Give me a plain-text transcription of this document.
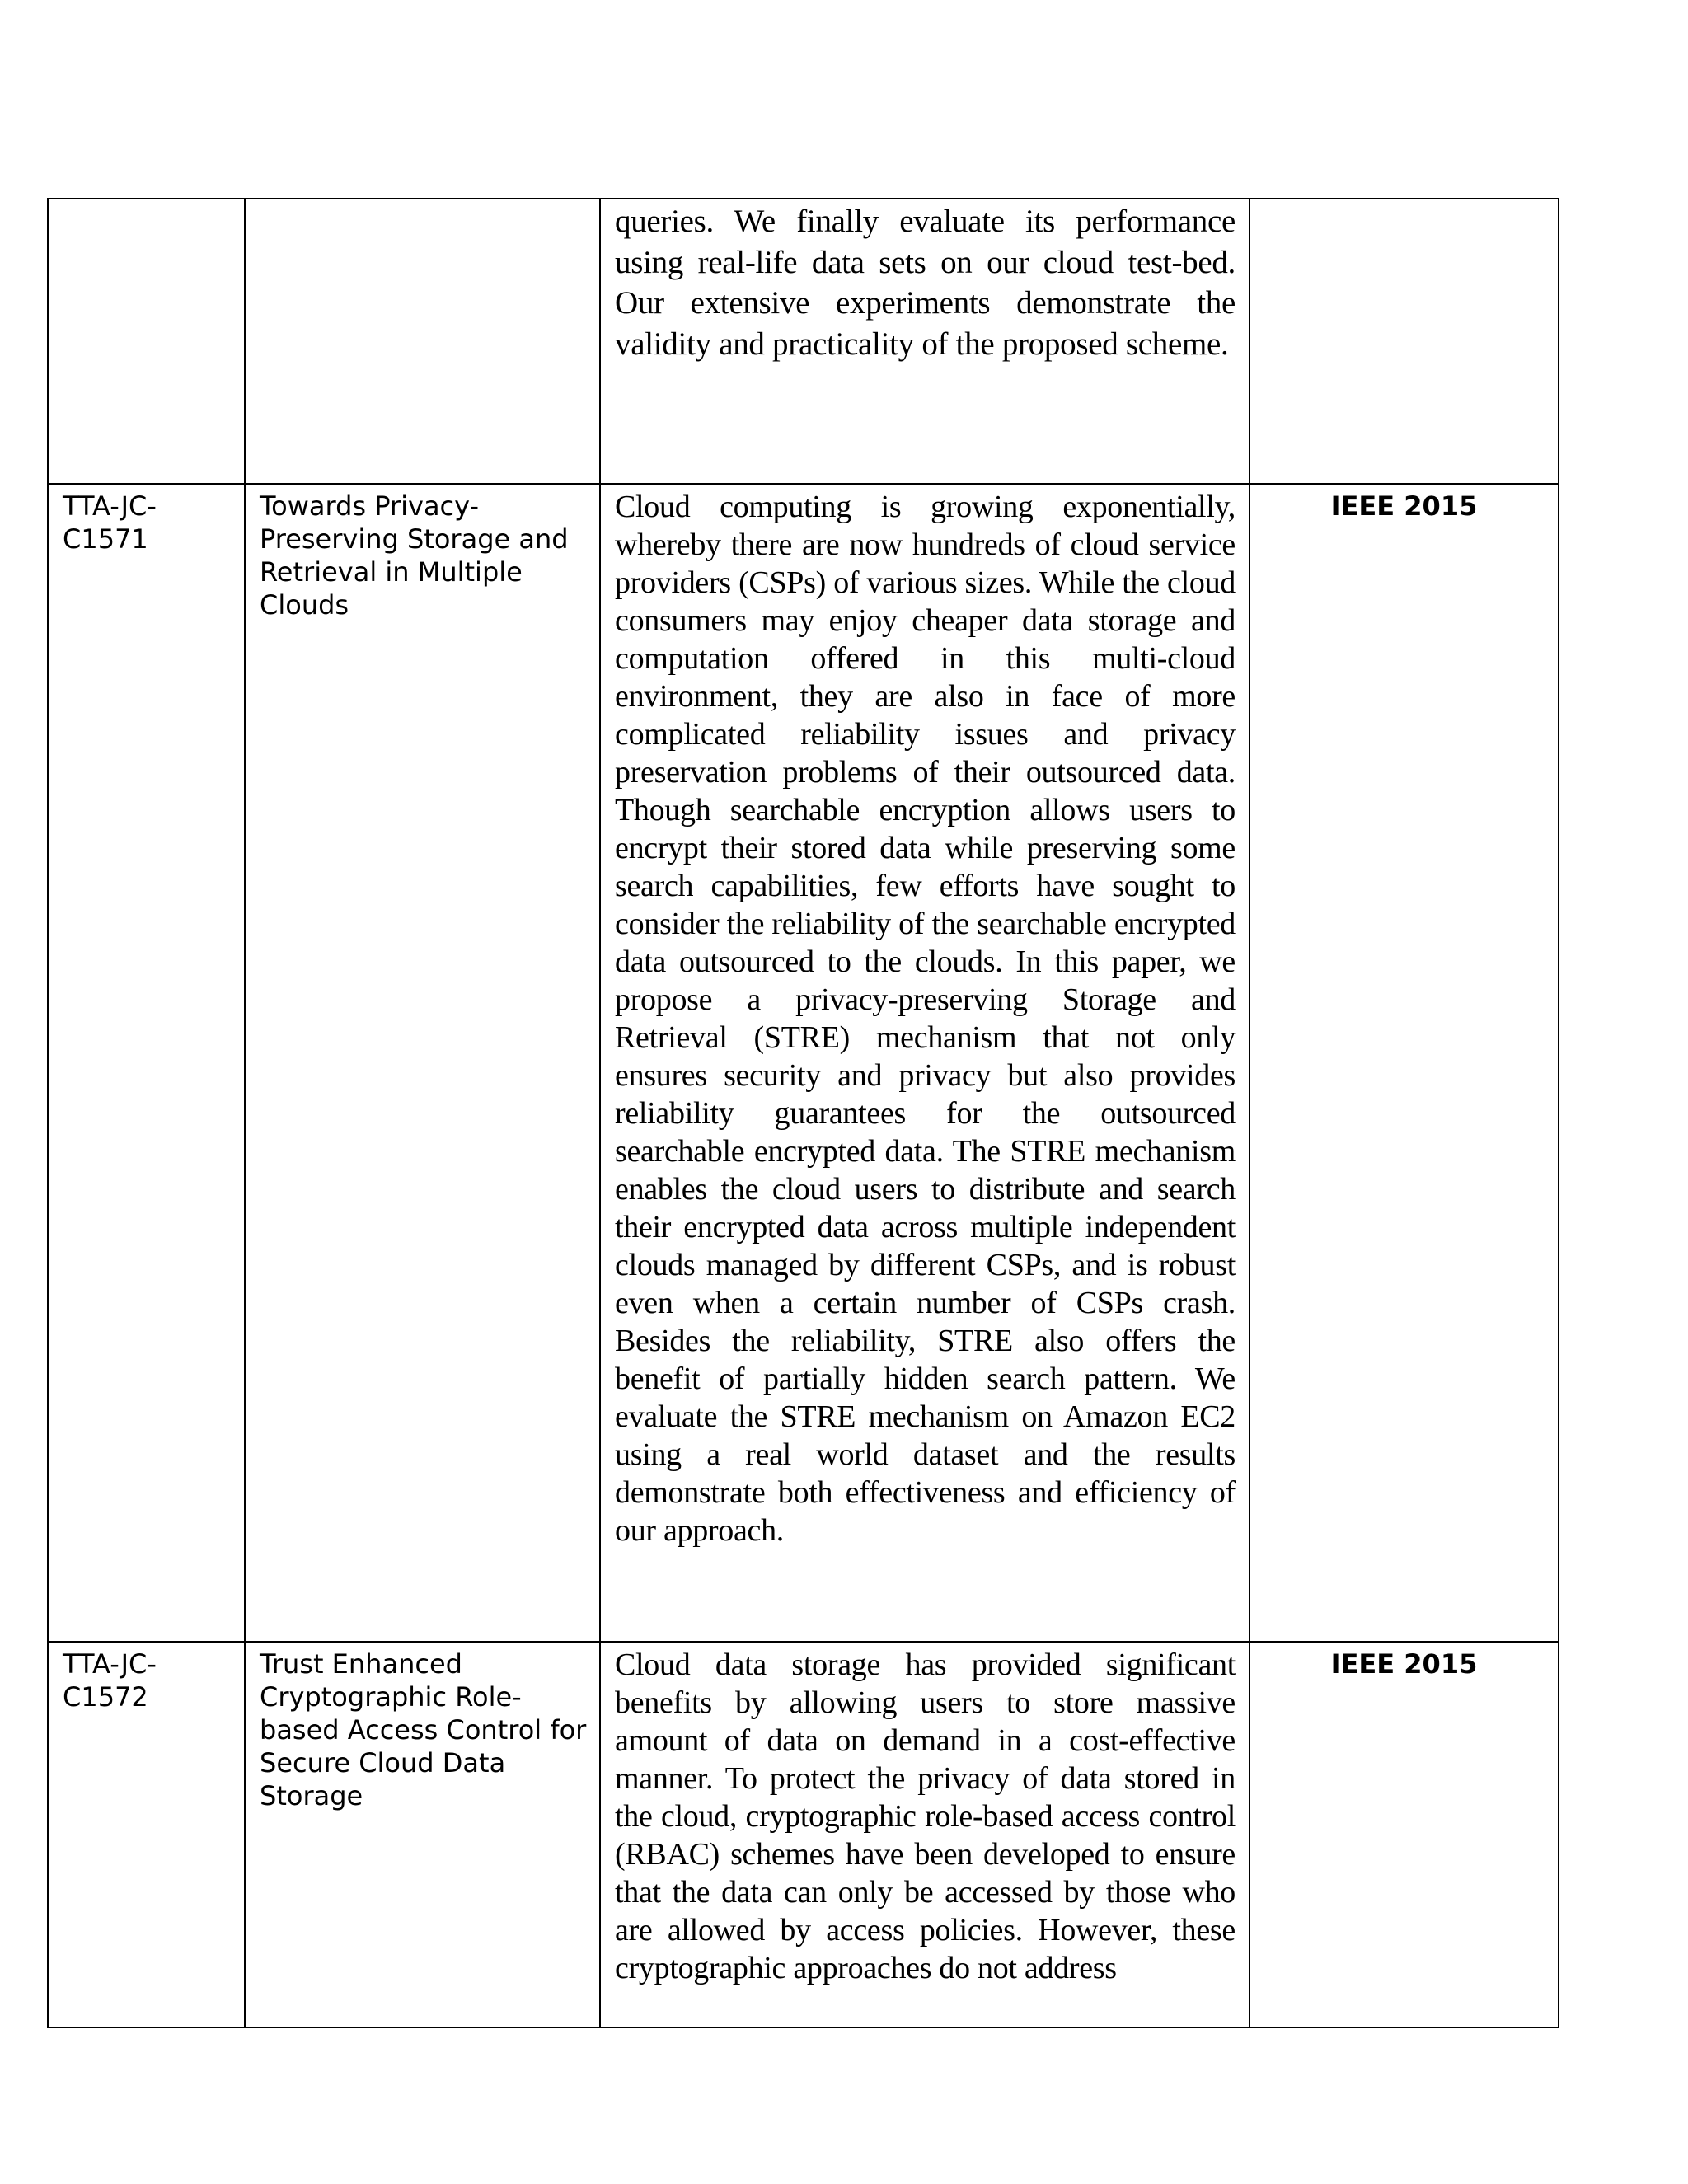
		queries. We finally evaluate its performance using real-life data sets on our cloud test-bed. Our extensive experiments demonstrate the validity and practicality of the proposed scheme.	
TTA-JC-C1571	Towards Privacy-Preserving Storage and Retrieval in Multiple Clouds	Cloud computing is growing exponentially, whereby there are now hundreds of cloud service providers (CSPs) of various sizes. While the cloud consumers may enjoy cheaper data storage and computation offered in this multi-cloud environment, they are also in face of more complicated reliability issues and privacy preservation problems of their outsourced data. Though searchable encryption allows users to encrypt their stored data while preserving some search capabilities, few efforts have sought to consider the reliability of the searchable encrypted data outsourced to the clouds. In this paper, we propose a privacy-preserving Storage and Retrieval (STRE) mechanism that not only ensures security and privacy but also provides reliability guarantees for the outsourced searchable encrypted data. The STRE mechanism enables the cloud users to distribute and search their encrypted data across multiple independent clouds managed by different CSPs, and is robust even when a certain number of CSPs crash. Besides the reliability, STRE also offers the benefit of partially hidden search pattern. We evaluate the STRE mechanism on Amazon EC2 using a real world dataset and the results demonstrate both effectiveness and efficiency of our approach.	IEEE 2015
TTA-JC-C1572	Trust Enhanced Cryptographic Role-based Access Control for Secure Cloud Data Storage	Cloud data storage has provided significant benefits by allowing users to store massive amount of data on demand in a cost-effective manner. To protect the privacy of data stored in the cloud, cryptographic role-based access control (RBAC) schemes have been developed to ensure that the data can only be accessed by those who are allowed by access policies. However, these cryptographic approaches do not address	IEEE 2015
